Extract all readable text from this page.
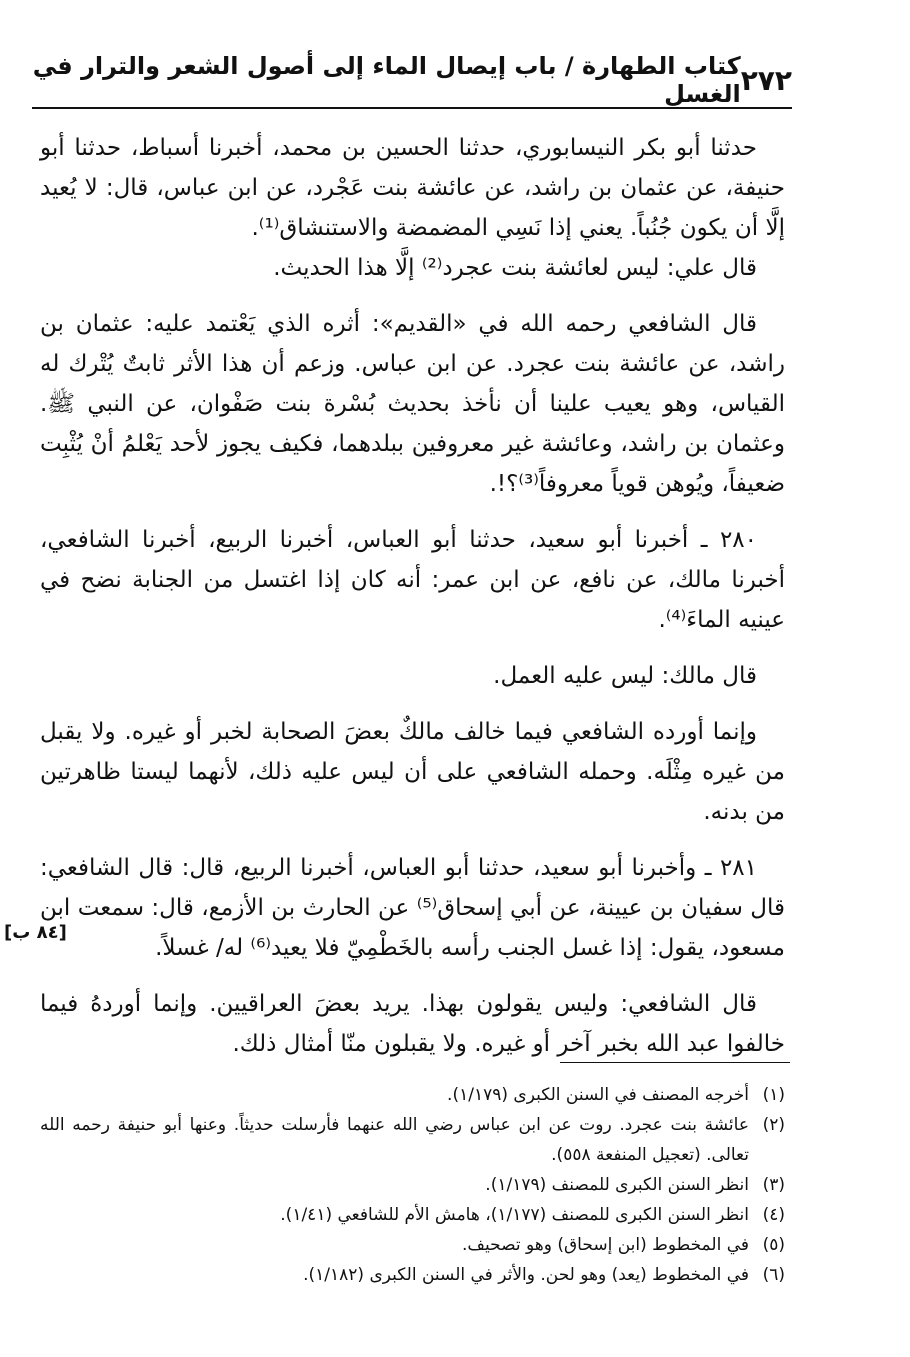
٢٧٢
كتاب الطهارة / باب إيصال الماء إلى أصول الشعر والترار في الغسل

حدثنا أبو بكر النيسابوري، حدثنا الحسين بن محمد، أخبرنا أسباط، حدثنا أبو حنيفة، عن عثمان بن راشد، عن عائشة بنت عَجْرد، عن ابن عباس، قال: لا يُعيد إلَّا أن يكون جُنُباً. يعني إذا نَسِي المضمضة والاستنشاق⁽¹⁾.

قال علي: ليس لعائشة بنت عجرد⁽²⁾ إلَّا هذا الحديث.

قال الشافعي رحمه الله في «القديم»: أثره الذي يَعْتمد عليه: عثمان بن راشد، عن عائشة بنت عجرد. عن ابن عباس. وزعم أن هذا الأثر ثابتٌ يُتْرك له القياس، وهو يعيب علينا أن نأخذ بحديث بُسْرة بنت صَفْوان، عن النبي ﷺ. وعثمان بن راشد، وعائشة غير معروفين ببلدهما، فكيف يجوز لأحد يَعْلمُ أنْ يُثْبِت ضعيفاً، ويُوهن قوياً معروفاً⁽³⁾؟!.

٢٨٠ ـ أخبرنا أبو سعيد، حدثنا أبو العباس، أخبرنا الربيع، أخبرنا الشافعي، أخبرنا مالك، عن نافع، عن ابن عمر: أنه كان إذا اغتسل من الجنابة نضح في عينيه الماءَ⁽⁴⁾.

قال مالك: ليس عليه العمل.

وإنما أورده الشافعي فيما خالف مالكٌ بعضَ الصحابة لخبر أو غيره. ولا يقبل من غيره مِثْلَه. وحمله الشافعي على أن ليس عليه ذلك، لأنهما ليستا ظاهرتين من بدنه.

٢٨١ ـ وأخبرنا أبو سعيد، حدثنا أبو العباس، أخبرنا الربيع، قال: قال الشافعي: قال سفيان بن عيينة، عن أبي إسحاق⁽⁵⁾ عن الحارث بن الأزمع، قال: سمعت ابن مسعود، يقول: إذا غسل الجنب رأسه بالخَطْمِيّ فلا يعيد⁽⁶⁾ له/ غسلاً.

قال الشافعي: وليس يقولون بهذا. يريد بعضَ العراقيين. وإنما أوردهُ فيما خالفوا عبد الله بخبر آخر أو غيره. ولا يقبلون منّا أمثال ذلك.

[٨٤ ب]
(١)
أخرجه المصنف في السنن الكبرى (١/١٧٩).
(٢)
عائشة بنت عجرد. روت عن ابن عباس رضي الله عنهما فأرسلت حديثاً. وعنها أبو حنيفة رحمه الله تعالى. (تعجيل المنفعة ٥٥٨).
(٣)
انظر السنن الكبرى للمصنف (١/١٧٩).
(٤)
انظر السنن الكبرى للمصنف (١/١٧٧)، هامش الأم للشافعي (١/٤١).
(٥)
في المخطوط (ابن إسحاق) وهو تصحيف.
(٦)
في المخطوط (يعد) وهو لحن. والأثر في السنن الكبرى (١/١٨٢).
